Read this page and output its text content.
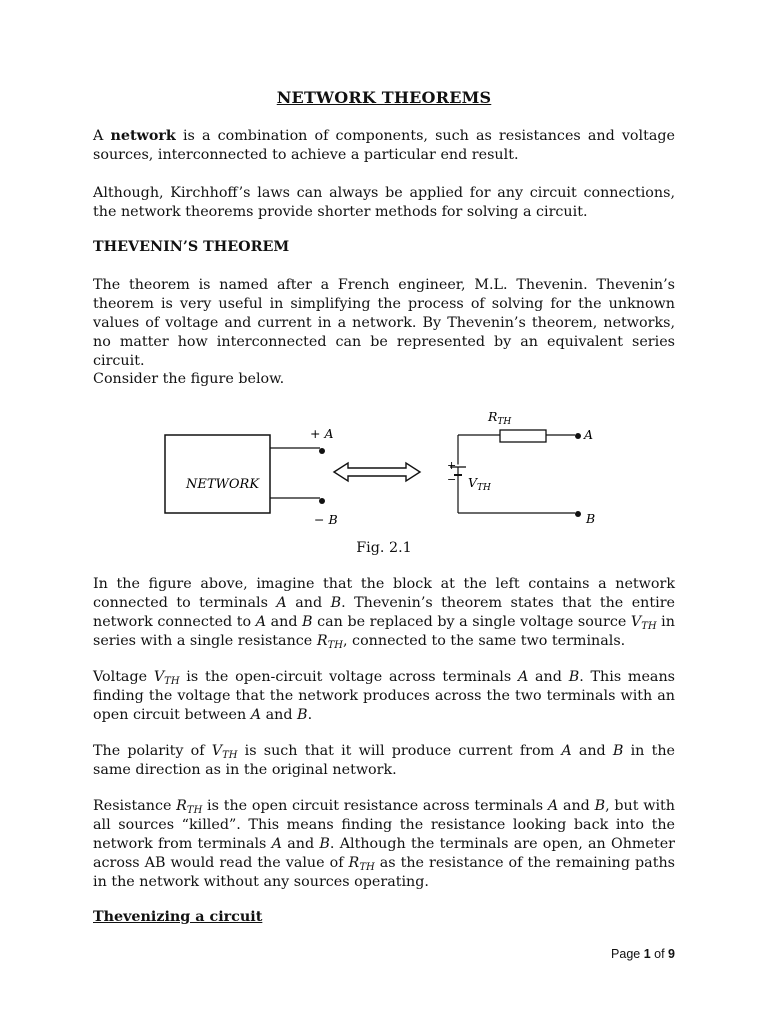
NETWORK THEOREMS

A network is a combination of components, such as resistances and voltage sources, interconnected to achieve a particular end result.

Although, Kirchhoff’s laws can always be applied for any circuit connections, the network theorems provide shorter methods for solving a circuit.

THEVENIN’S THEOREM

The theorem is named after a French engineer, M.L. Thevenin. Thevenin’s theorem is very useful in simplifying the process of solving for the unknown values of voltage and current in a network. By Thevenin’s theorem, networks, no matter how interconnected can be represented by an equivalent series circuit.

Consider the figure below.

NETWORK
+ A
− B
A
$R_{TH}$
+
− $V_{TH}$
B
Fig. 2.1

In the figure above, imagine that the block at the left contains a network connected to terminals A and B. Thevenin’s theorem states that the entire network connected to A and B can be replaced by a single voltage source $V_{TH}$ in series with a single resistance $R_{TH}$, connected to the same two terminals.

Voltage $V_{TH}$ is the open-circuit voltage across terminals A and B. This means finding the voltage that the network produces across the two terminals with an open circuit between A and B.

The polarity of $V_{TH}$ is such that it will produce current from A and B in the same direction as in the original network.

Resistance $R_{TH}$ is the open circuit resistance across terminals A and B, but with all sources “killed”. This means finding the resistance looking back into the network from terminals A and B. Although the terminals are open, an Ohmeter across AB would read the value of $R_{TH}$ as the resistance of the remaining paths in the network without any sources operating.

Thevenizing a circuit
Page 1 of 9
